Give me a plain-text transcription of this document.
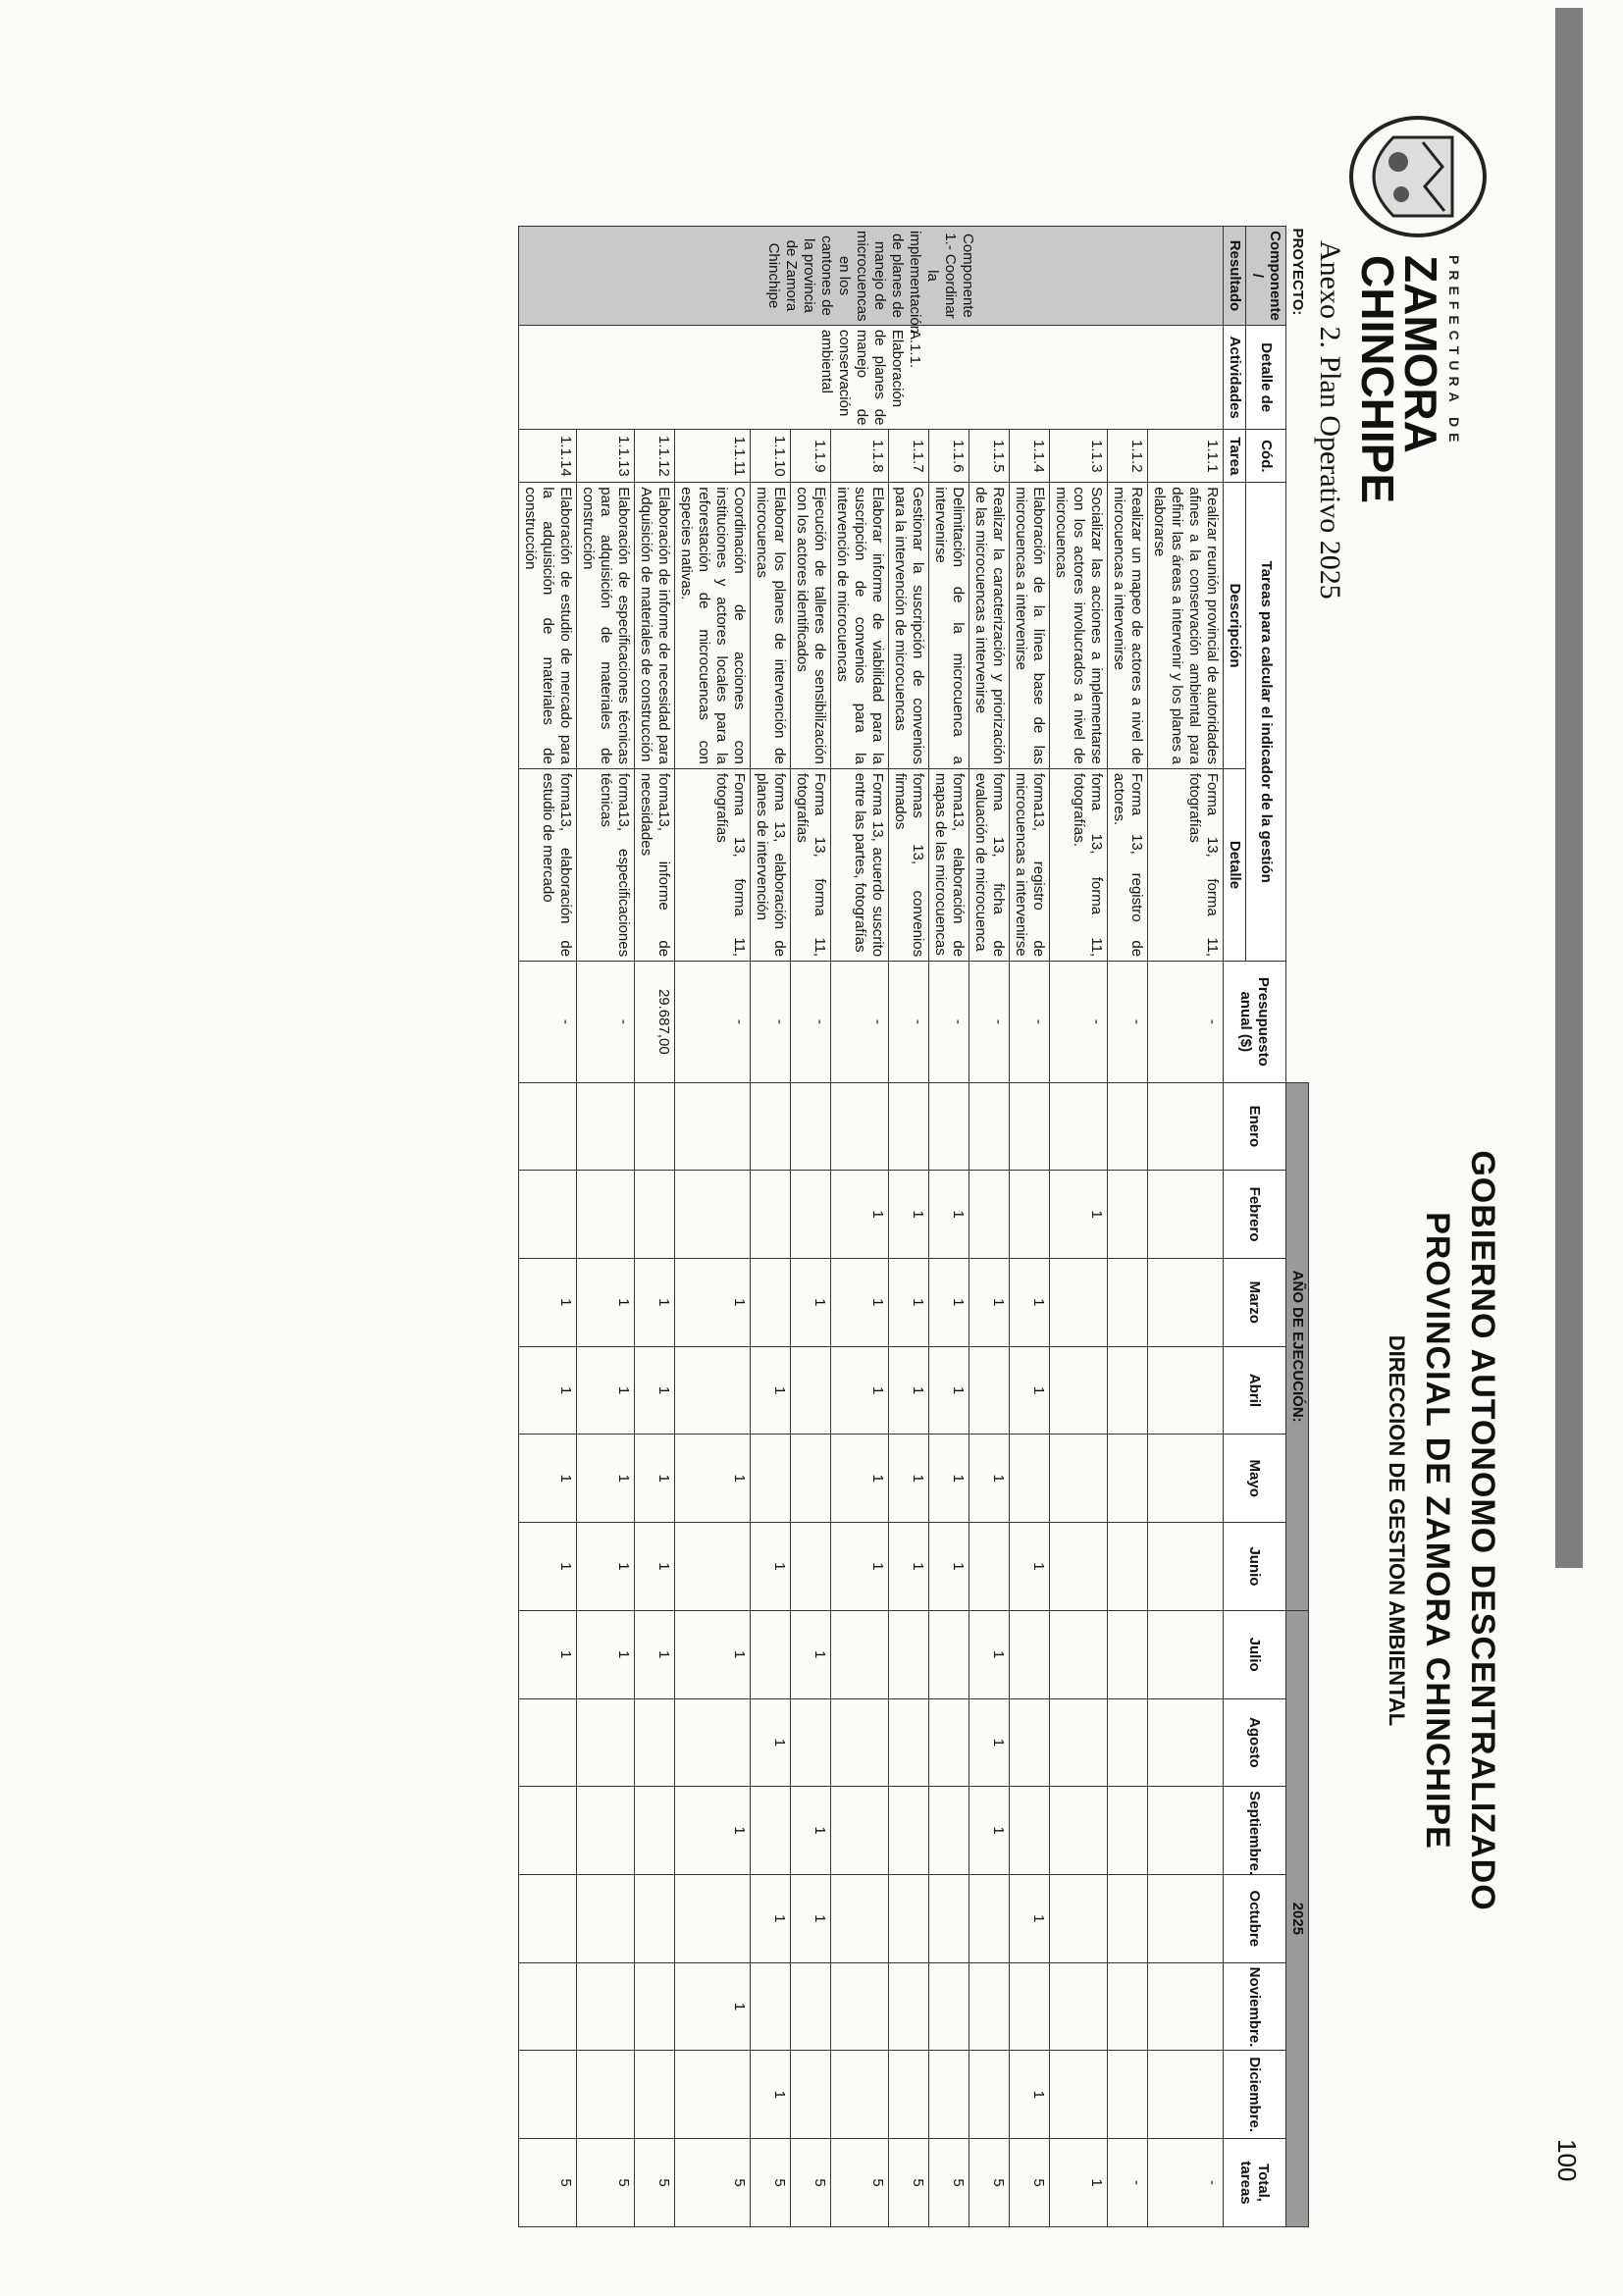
100
PREFECTURA DE
ZAMORA
CHINCHIPE
Anexo 2. Plan Operativo 2025
GOBIERNO AUTONOMO DESCENTRALIZADO
PROVINCIAL DE ZAMORA CHINCHIPE
DIRECCION DE GESTION AMBIENTAL
PROYECTO:						AÑO DE EJECUCIÓN:						2025						
Componente /	Detalle de	Cód.	Tareas para calcular el indicador de la gestión		Presupuesto anual ($)	Enero	Febrero	Marzo	Abril	Mayo	Junio	Julio	Agosto	Septiembre.	Octubre	Noviembre.	Diciembre.	Total, tareas
Resultado	Actividades	Tarea	Descripción	Detalle														
Componente 1.- Coordinar la implementación de planes de manejo de microcuencas en los cantones de la provincia de Zamora Chinchipe	A.1.1. Elaboración de planes de manejo de conservación ambiental	1.1.1	Realizar reunión provincial de autoridades afines a la conservación ambiental para definir las áreas a intervenir y los planes a elaborarse	Forma 13, forma 11, fotografías	-													-
		1.1.2	Realizar un mapeo de actores a nivel de microcuencas a intervenirse	Forma 13, registro de actores.	-													-
		1.1.3	Socializar las acciones a implementarse con los actores involucrados a nivel de microcuencas	forma 13, forma 11, fotografías.	-		1											1
		1.1.4	Elaboración de la línea base de las microcuencas a intervenirse	forma13, registro de microcuencas a intervenirse	-			1	1		1				1		1	5
		1.1.5	Realizar la caracterización y priorización de las microcuencas a intervenirse	forma 13, ficha de evaluación de microcuenca	-			1		1		1	1	1				5
		1.1.6	Delimitación de la microcuenca a intervenirse	forma13, elaboración de mapas de las microcuencas	-		1	1	1	1	1							5
		1.1.7	Gestionar la suscripción de convenios para la intervención de microcuencas	formas 13, convenios firmados	-		1	1	1	1	1							5
		1.1.8	Elaborar informe de viabilidad para la suscripción de convenios para la intervención de microcuencas	Forma 13, acuerdo suscrito entre las partes, fotografías	-		1	1	1	1	1							5
		1.1.9	Ejecución de talleres de sensibilización con los actores identificados	Forma 13, forma 11, fotografías	-			1				1		1	1			5
		1.1.10	Elaborar los planes de intervención de microcuencas	forma 13, elaboración de planes de intervención	-				1		1		1		1		1	5
		1.1.11	Coordinación de acciones con instituciones y actores locales para la reforestación de microcuencas con especies nativas.	Forma 13, forma 11, fotografías	-			1		1		1		1		1		5
		1.1.12	Elaboración de informe de necesidad para Adquisición de materiales de construcción	forma13, informe de necesidades	29.687,00			1	1	1	1	1						5
		1.1.13	Elaboración de especificaciones técnicas para adquisición de materiales de construcción	forma13, especificaciones técnicas	-			1	1	1	1	1						5
		1.1.14	Elaboración de estudio de mercado para la adquisición de materiales de construcción	forma13, elaboración de estudio de mercado	-			1	1	1	1	1						5
